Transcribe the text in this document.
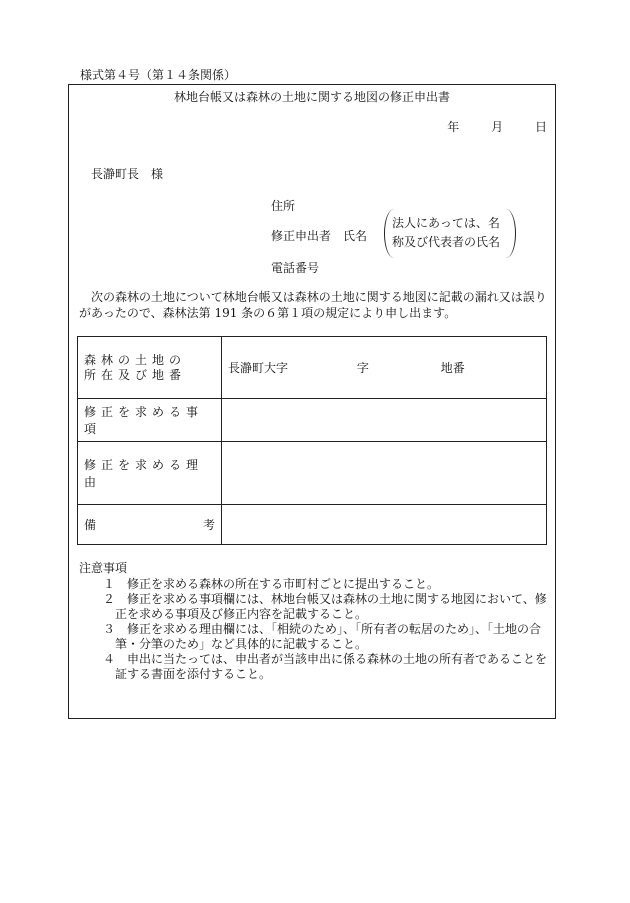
様式第４号（第１４条関係）
林地台帳又は森林の土地に関する地図の修正申出書
年	月	日
長瀞町長　様
住所
修正申出者　氏名
法人にあっては、名
称及び代表者の氏名
電話番号
次の森林の土地について林地台帳又は森林の土地に関する地図に記載の漏れ又は誤りがあったので、森林法第 191 条の６第１項の規定により申し出ます。
森林の土地の
所在及び地番	長瀞町大字 字 地番
修正を求める事項	
修正を求める理由	

備 考	

注意事項
１ 修正を求める森林の所在する市町村ごとに提出すること。
２ 修正を求める事項欄には、林地台帳又は森林の土地に関する地図において、修正を求める事項及び修正内容を記載すること。
３ 修正を求める理由欄には、「相続のため」、「所有者の転居のため」、「土地の合筆・分筆のため」など具体的に記載すること。
４ 申出に当たっては、申出者が当該申出に係る森林の土地の所有者であることを証する書面を添付すること。
